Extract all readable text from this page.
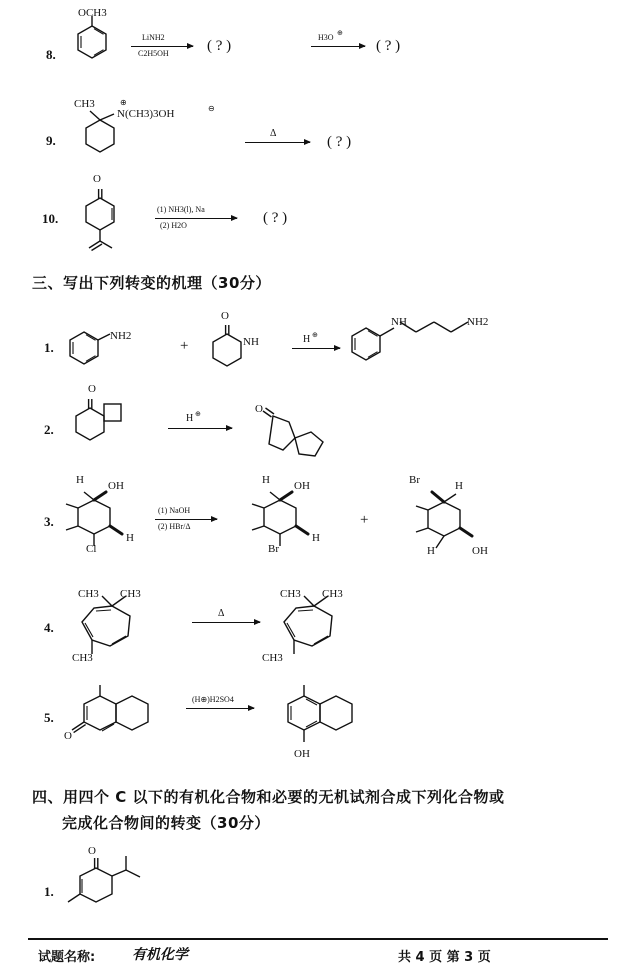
8.
OCH3
LiNH2
C2H5OH	( ? )
H3O ⊕
( ? )
9.
CH3
N(CH3)3OH
⊕
⊖
Δ
( ? )
10.
O
(1) NH3(l), Na
(2) H2O	( ? )
三、写出下列转变的机理（30分）
1.
NH2
+
O
NH	H ⊕
NH	NH2
2.
O
H ⊕	O
3.
H OH
Cl
H
(1) NaOH
(2) HBr/Δ
H OH
Br
H
+
Br	H
H	OH
4.
CH3 CH3
CH3
Δ
CH3 CH3
CH3
5.
O
(H⊕)H2SO4
OH
四、用四个 C 以下的有机化合物和必要的无机试剂合成下列化合物或
完成化合物间的转变（30分）
1.
O
试题名称:	有机化学	共 4 页 第 3 页
